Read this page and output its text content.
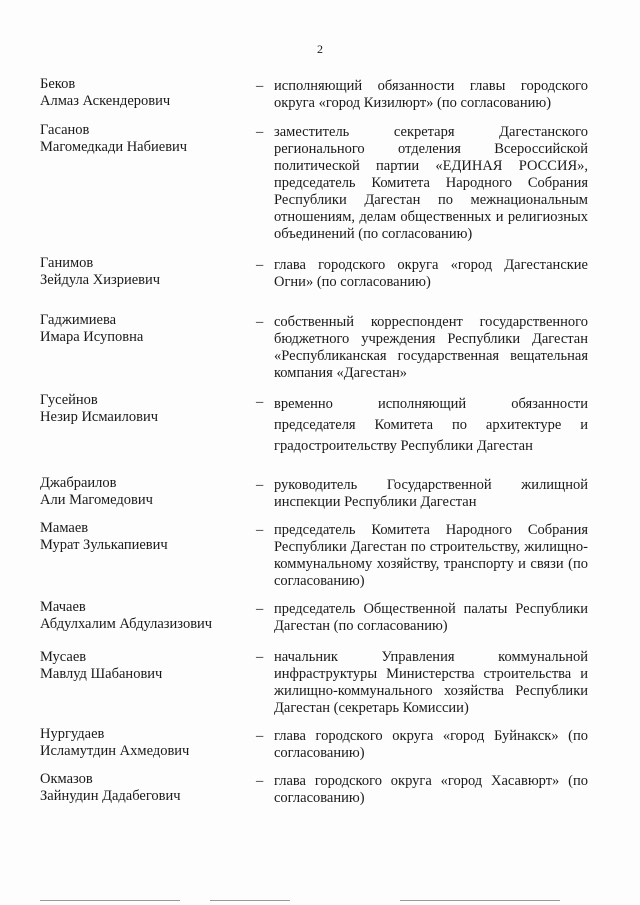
2
Беков
Алмаз Аскендерович
– исполняющий обязанности главы городского округа «город Кизилюрт» (по согласованию)
Гасанов
Магомедкади Набиевич
– заместитель секретаря Дагестанского регионального отделения Всероссийской политической партии «ЕДИНАЯ РОССИЯ», председатель Комитета Народного Собрания Республики Дагестан по межнациональным отношениям, делам общественных и религиозных объединений (по согласованию)
Ганимов
Зейдула Хизриевич
– глава городского округа «город Дагестанские Огни» (по согласованию)
Гаджимиева
Имара Исуповна
– собственный корреспондент государственного бюджетного учреждения Республики Дагестан «Республиканская государственная вещательная компания «Дагестан»
Гусейнов
Незир Исмаилович
– временно исполняющий обязанности председателя Комитета по архитектуре и градостроительству Республики Дагестан
Джабраилов
Али Магомедович
– руководитель Государственной жилищной инспекции Республики Дагестан
Мамаев
Мурат Зулькапиевич
– председатель Комитета Народного Собрания Республики Дагестан по строительству, жилищно-коммунальному хозяйству, транспорту и связи (по согласованию)
Мачаев
Абдулхалим Абдулазизович
– председатель Общественной палаты Республики Дагестан (по согласованию)
Мусаев
Мавлуд Шабанович
– начальник Управления коммунальной инфраструктуры Министерства строительства и жилищно-коммунального хозяйства Республики Дагестан (секретарь Комиссии)
Нургудаев
Исламутдин Ахмедович
– глава городского округа «город Буйнакск» (по согласованию)
Окмазов
Зайнудин Дадабегович
– глава городского округа «город Хасавюрт» (по согласованию)
